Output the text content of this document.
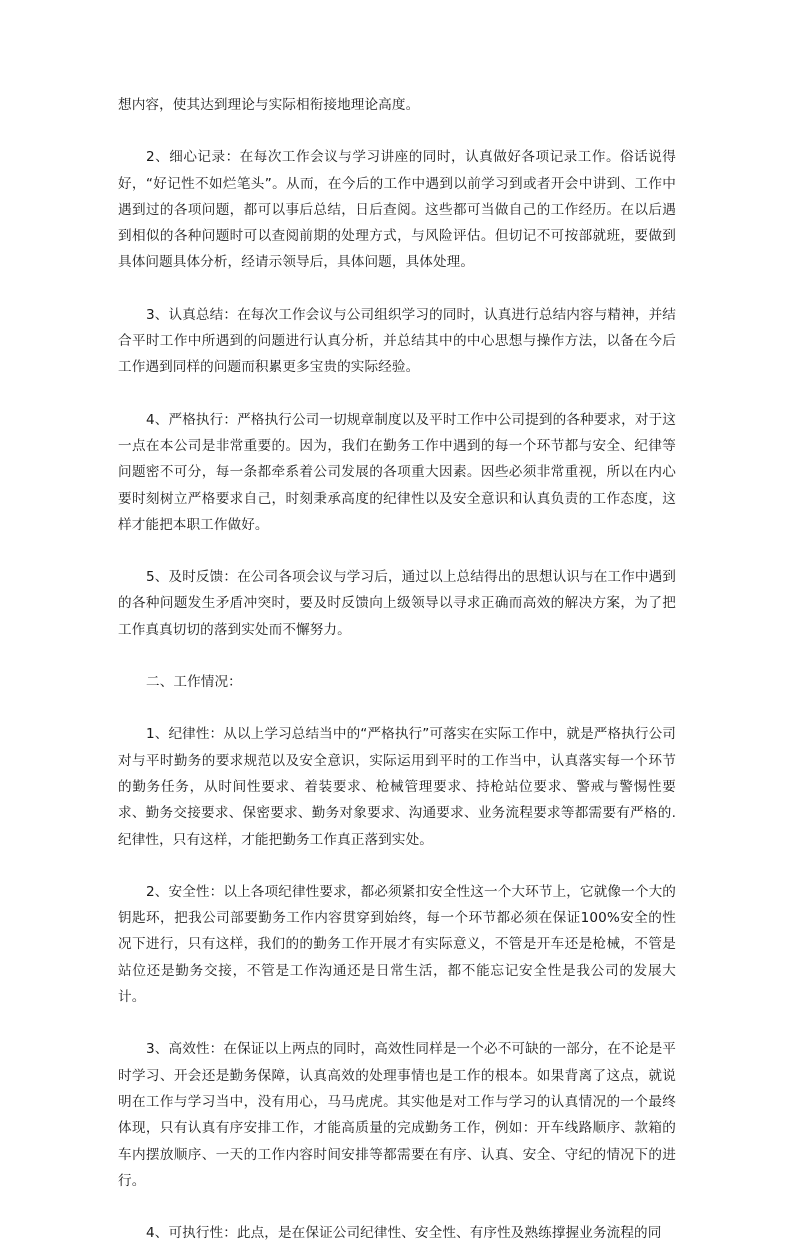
想内容，使其达到理论与实际相衔接地理论高度。

2、细心记录：在每次工作会议与学习讲座的同时，认真做好各项记录工作。俗话说得好，“好记性不如烂笔头”。从而，在今后的工作中遇到以前学习到或者开会中讲到、工作中遇到过的各项问题，都可以事后总结，日后查阅。这些都可当做自己的工作经历。在以后遇到相似的各种问题时可以查阅前期的处理方式，与风险评估。但切记不可按部就班，要做到具体问题具体分析，经请示领导后，具体问题，具体处理。

3、认真总结：在每次工作会议与公司组织学习的同时，认真进行总结内容与精神，并结合平时工作中所遇到的问题进行认真分析，并总结其中的中心思想与操作方法，以备在今后工作遇到同样的问题而积累更多宝贵的实际经验。

4、严格执行：严格执行公司一切规章制度以及平时工作中公司提到的各种要求，对于这一点在本公司是非常重要的。因为，我们在勤务工作中遇到的每一个环节都与安全、纪律等问题密不可分，每一条都牵系着公司发展的各项重大因素。因些必须非常重视，所以在内心要时刻树立严格要求自己，时刻秉承高度的纪律性以及安全意识和认真负责的工作态度，这样才能把本职工作做好。

5、及时反馈：在公司各项会议与学习后，通过以上总结得出的思想认识与在工作中遇到的各种问题发生矛盾冲突时，要及时反馈向上级领导以寻求正确而高效的解决方案，为了把工作真真切切的落到实处而不懈努力。

二、工作情况：

1、纪律性：从以上学习总结当中的“严格执行”可落实在实际工作中，就是严格执行公司对与平时勤务的要求规范以及安全意识，实际运用到平时的工作当中，认真落实每一个环节的勤务任务，从时间性要求、着装要求、枪械管理要求、持枪站位要求、警戒与警惕性要求、勤务交接要求、保密要求、勤务对象要求、沟通要求、业务流程要求等都需要有严格的.纪律性，只有这样，才能把勤务工作真正落到实处。

2、安全性：以上各项纪律性要求，都必须紧扣安全性这一个大环节上，它就像一个大的钥匙环，把我公司部要勤务工作内容贯穿到始终，每一个环节都必须在保证100%安全的性况下进行，只有这样，我们的的勤务工作开展才有实际意义，不管是开车还是枪械，不管是站位还是勤务交接，不管是工作沟通还是日常生活，都不能忘记安全性是我公司的发展大计。

3、高效性：在保证以上两点的同时，高效性同样是一个必不可缺的一部分，在不论是平时学习、开会还是勤务保障，认真高效的处理事情也是工作的根本。如果背离了这点，就说明在工作与学习当中，没有用心，马马虎虎。其实他是对工作与学习的认真情况的一个最终体现，只有认真有序安排工作，才能高质量的完成勤务工作，例如：开车线路顺序、款箱的车内摆放顺序、一天的工作内容时间安排等都需要在有序、认真、安全、守纪的情况下的进行。

4、可执行性：此点，是在保证公司纪律性、安全性、有序性及熟练撑握业务流程的同
